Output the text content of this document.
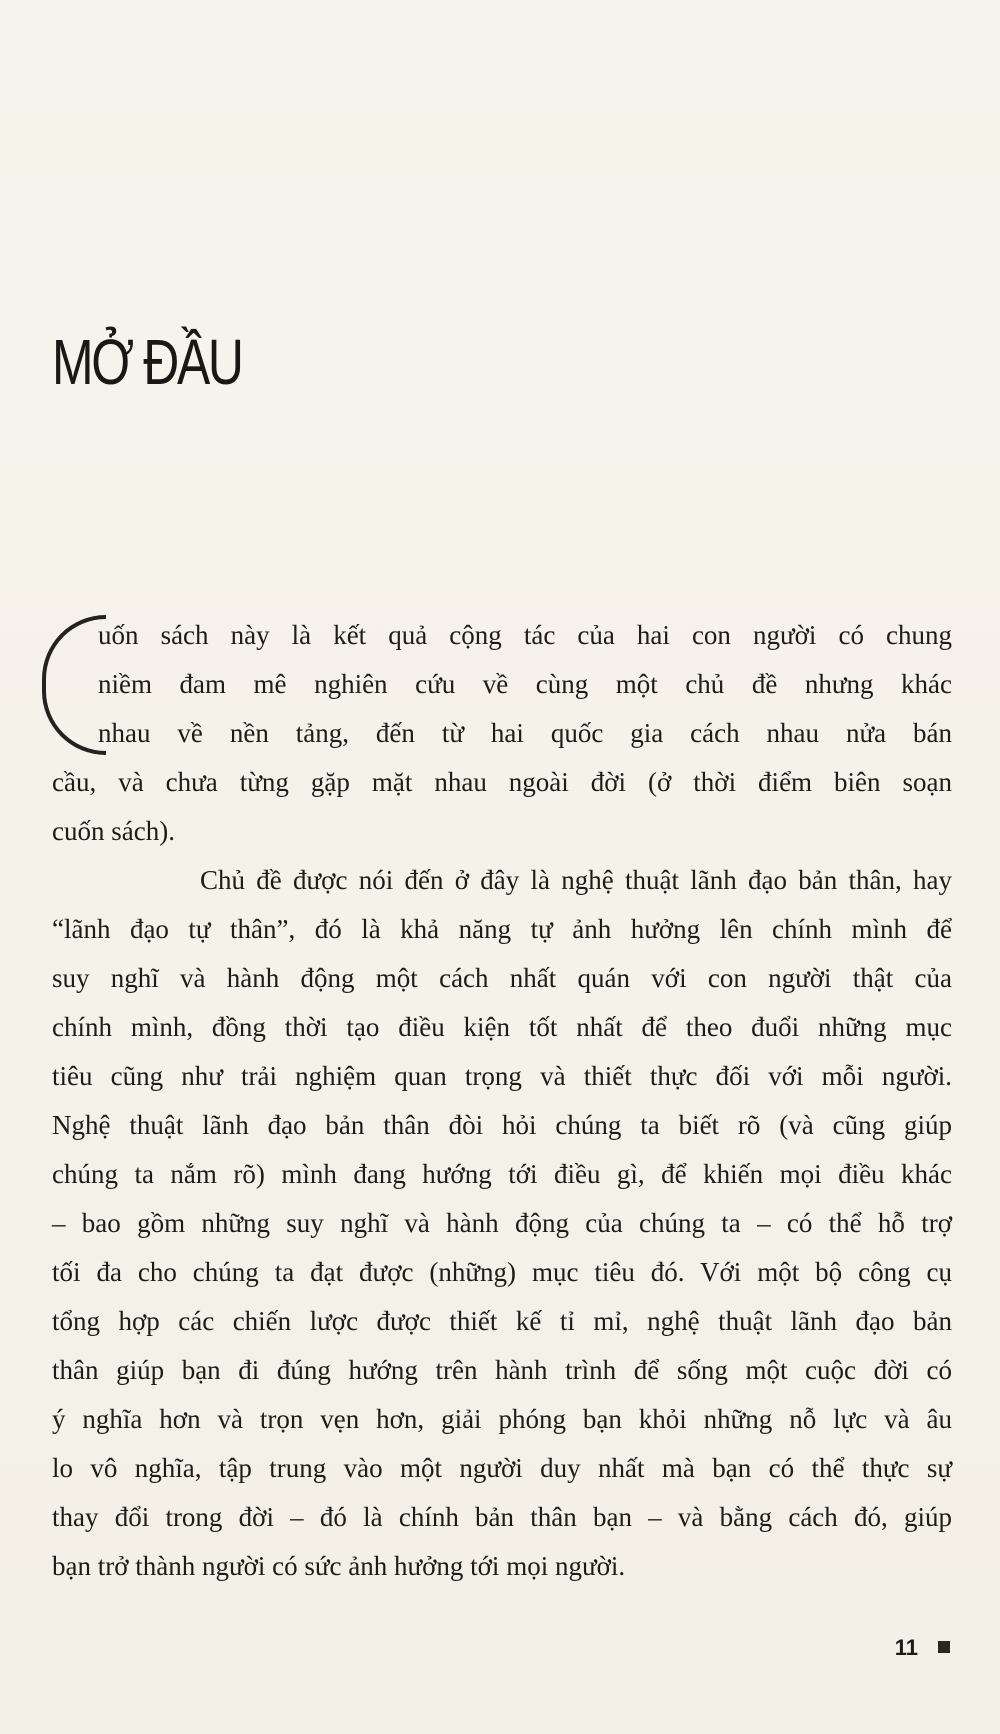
MỞ ĐẦU
uốn sách này là kết quả cộng tác của hai con người có chung
niềm đam mê nghiên cứu về cùng một chủ đề nhưng khác
nhau về nền tảng, đến từ hai quốc gia cách nhau nửa bán
cầu, và chưa từng gặp mặt nhau ngoài đời (ở thời điểm biên soạn
cuốn sách).
Chủ đề được nói đến ở đây là nghệ thuật lãnh đạo bản thân, hay
“lãnh đạo tự thân”, đó là khả năng tự ảnh hưởng lên chính mình để
suy nghĩ và hành động một cách nhất quán với con người thật của
chính mình, đồng thời tạo điều kiện tốt nhất để theo đuổi những mục
tiêu cũng như trải nghiệm quan trọng và thiết thực đối với mỗi người.
Nghệ thuật lãnh đạo bản thân đòi hỏi chúng ta biết rõ (và cũng giúp
chúng ta nắm rõ) mình đang hướng tới điều gì, để khiến mọi điều khác
– bao gồm những suy nghĩ và hành động của chúng ta – có thể hỗ trợ
tối đa cho chúng ta đạt được (những) mục tiêu đó. Với một bộ công cụ
tổng hợp các chiến lược được thiết kế tỉ mỉ, nghệ thuật lãnh đạo bản
thân giúp bạn đi đúng hướng trên hành trình để sống một cuộc đời có
ý nghĩa hơn và trọn vẹn hơn, giải phóng bạn khỏi những nỗ lực và âu
lo vô nghĩa, tập trung vào một người duy nhất mà bạn có thể thực sự
thay đổi trong đời – đó là chính bản thân bạn – và bằng cách đó, giúp
bạn trở thành người có sức ảnh hưởng tới mọi người.
11
